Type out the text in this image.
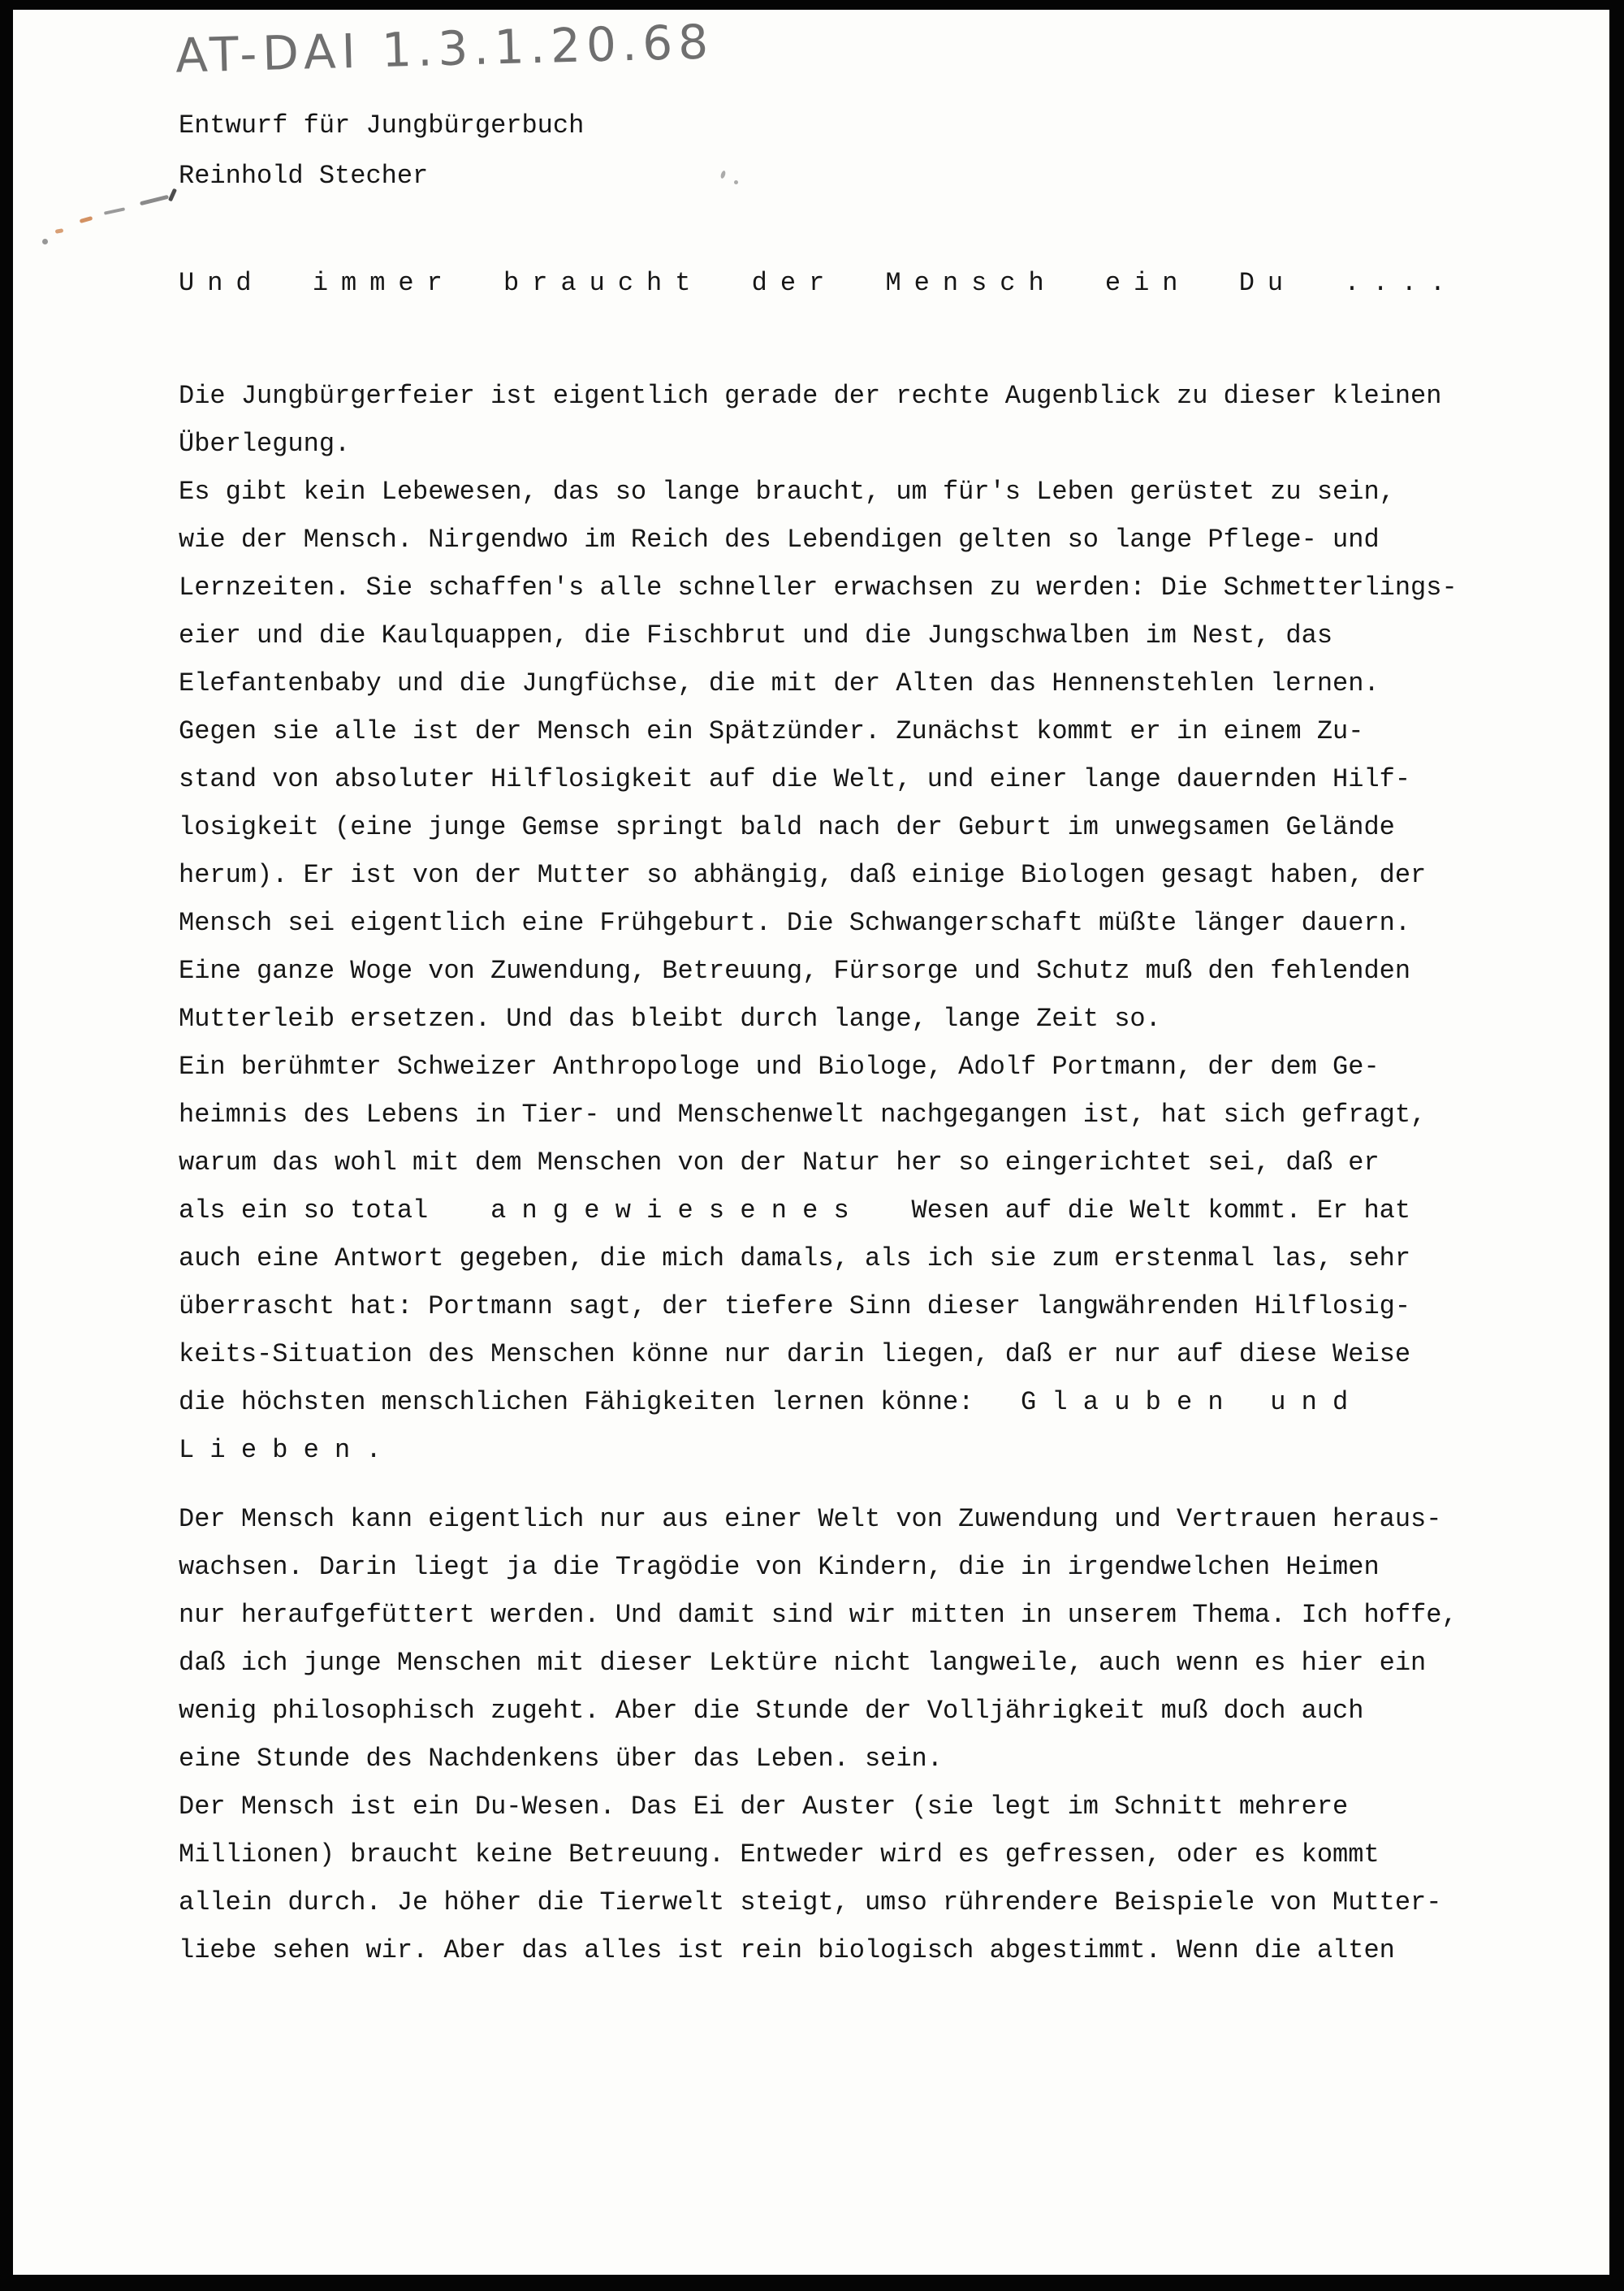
AT-DAI 1.3.1.20.68
Entwurf für Jungbürgerbuch
Reinhold Stecher
Und immer braucht der Mensch ein Du ....
Die Jungbürgerfeier ist eigentlich gerade der rechte Augenblick zu dieser kleinen
Überlegung.
Es gibt kein Lebewesen, das so lange braucht, um für's Leben gerüstet zu sein,
wie der Mensch. Nirgendwo im Reich des Lebendigen gelten so lange Pflege- und
Lernzeiten. Sie schaffen's alle schneller erwachsen zu werden: Die Schmetterlings-
eier und die Kaulquappen, die Fischbrut und die Jungschwalben im Nest, das
Elefantenbaby und die Jungfüchse, die mit der Alten das Hennenstehlen lernen.
Gegen sie alle ist der Mensch ein Spätzünder. Zunächst kommt er in einem Zu-
stand von absoluter Hilflosigkeit auf die Welt, und einer lange dauernden Hilf-
losigkeit (eine junge Gemse springt bald nach der Geburt im unwegsamen Gelände
herum). Er ist von der Mutter so abhängig, daß einige Biologen gesagt haben, der
Mensch sei eigentlich eine Frühgeburt. Die Schwangerschaft müßte länger dauern.
Eine ganze Woge von Zuwendung, Betreuung, Fürsorge und Schutz muß den fehlenden
Mutterleib ersetzen. Und das bleibt durch lange, lange Zeit so.
Ein berühmter Schweizer Anthropologe und Biologe, Adolf Portmann, der dem Ge-
heimnis des Lebens in Tier- und Menschenwelt nachgegangen ist, hat sich gefragt,
warum das wohl mit dem Menschen von der Natur her so eingerichtet sei, daß er
als ein so total    a n g e w i e s e n e s    Wesen auf die Welt kommt. Er hat
auch eine Antwort gegeben, die mich damals, als ich sie zum erstenmal las, sehr
überrascht hat: Portmann sagt, der tiefere Sinn dieser langwährenden Hilflosig-
keits-Situation des Menschen könne nur darin liegen, daß er nur auf diese Weise
die höchsten menschlichen Fähigkeiten lernen könne:   G l a u b e n   u n d
L i e b e n .
Der Mensch kann eigentlich nur aus einer Welt von Zuwendung und Vertrauen heraus-
wachsen. Darin liegt ja die Tragödie von Kindern, die in irgendwelchen Heimen
nur heraufgefüttert werden. Und damit sind wir mitten in unserem Thema. Ich hoffe,
daß ich junge Menschen mit dieser Lektüre nicht langweile, auch wenn es hier ein
wenig philosophisch zugeht. Aber die Stunde der Volljährigkeit muß doch auch
eine Stunde des Nachdenkens über das Leben. sein.
Der Mensch ist ein Du-Wesen. Das Ei der Auster (sie legt im Schnitt mehrere
Millionen) braucht keine Betreuung. Entweder wird es gefressen, oder es kommt
allein durch. Je höher die Tierwelt steigt, umso rührendere Beispiele von Mutter-
liebe sehen wir. Aber das alles ist rein biologisch abgestimmt. Wenn die alten
